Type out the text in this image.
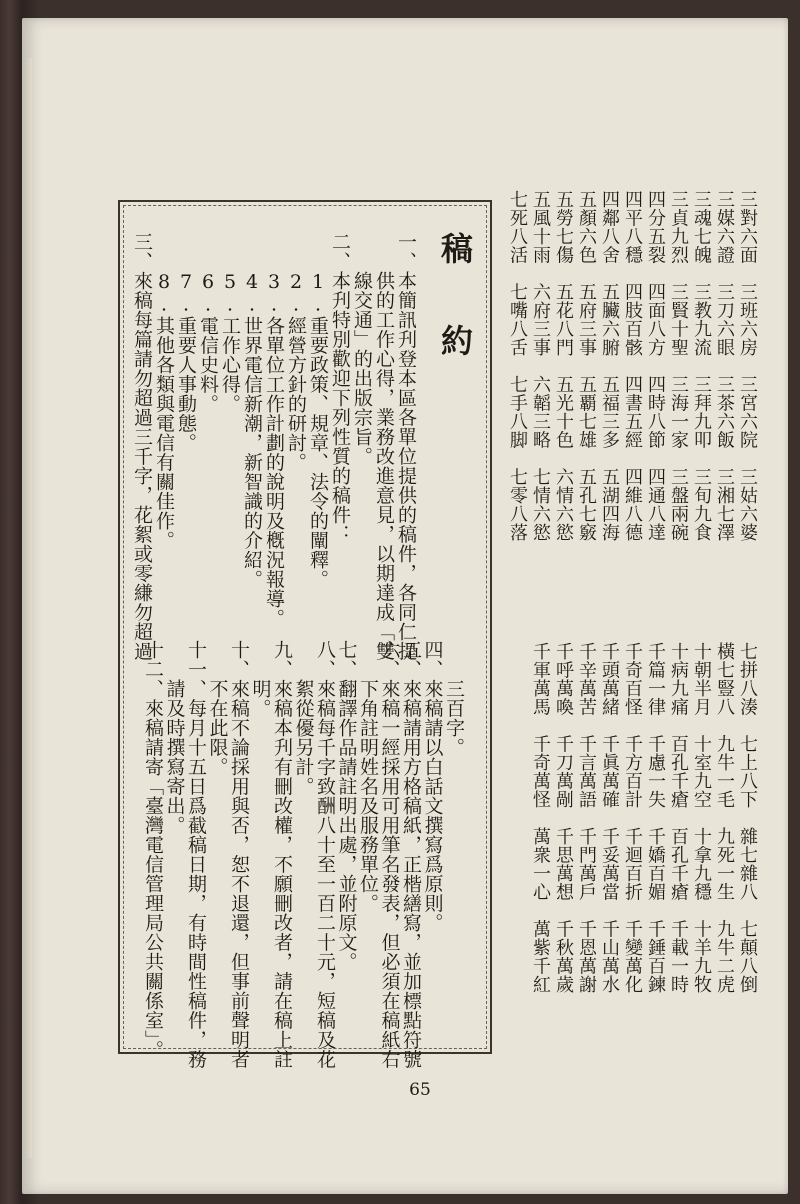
三對六面　三班六房　三宮六院　三姑六婆
三媒六證　三刀六眼　三茶六飯　三湘七澤
三魂七魄　三教九流　三拜九叩　三旬九食
三貞九烈　三賢十聖　三海一家　三盤兩碗
四分五裂　四面八方　四時八節　四通八達
四平八穩　四肢百骸　四書五經　四維八德
四鄰八舍　五臟六腑　五福三多　五湖四海
五顏六色　五府三事　五覇七雄　五孔七竅
五勞七傷　五花八門　五光十色　六情六慾
五風十雨　六府三事　六韜三略　七情六慾
七死八活　七嘴八舌　七手八脚　七零八落
七拼八湊　七上八下　雜七雜八　七顛八倒
橫七豎八　九牛一毛　九死一生　九牛二虎
十朝半月　十室九空　十拿九穩　十羊九牧
十病九痛　百孔千瘡　百孔千瘡　千載一時
千篇一律　千慮一失　千嬌百媚　千錘百鍊
千奇百怪　千方百計　千迴百折　千變萬化
千頭萬緒　千眞萬確　千妥萬當　千山萬水
千辛萬苦　千言萬語　千門萬戶　千恩萬謝
千呼萬喚　千刀萬剮　千思萬想　千秋萬歲
千軍萬馬　千奇萬怪　萬衆一心　萬紫千紅
稿　約
一、本簡訊刋登本區各單位提供的稿件，各同仁提
　　供的工作心得，業務改進意見，以期達成「雙
　　線交通」的出版宗旨。
二、本刋特別歡迎下列性質的稿件：
　　1.重要政策、規章、法令的闡釋。
　　2.經營方針的研討。
　　3.各單位工作計劃的說明及槪況報導。
　　4.世界電信新潮，新智識的介紹。
　　5.工作心得。
　　6.電信史料。
　　7.重要人事動態。
　　8.其他各類與電信有關佳作。
三、來稿每篇請勿超過三千字，花絮或零縑勿超過
　　三百字。
四、來稿請以白話文撰寫爲原則。
五、來稿請用方格稿紙，正楷繕寫，並加標點符號
六、來稿一經採用可用筆名發表，但必須在稿紙右
　　下角註明姓名及服務單位。
七、翻譯作品請註明出處，並附原文。
八、來稿每千字致酬八十至一百二十元，短稿及花
　　絮從優另計。
九、來稿本刋有刪改權，不願刪改者，請在稿上註
　　明。
十、來稿不論採用與否，恕不退還，但事前聲明者
　　不在此限。
十一、每月十五日爲截稿日期，有時間性稿件，務
　　請及時撰寫寄出。
十二、來稿請寄「臺灣電信管理局公共關係室」。
65
